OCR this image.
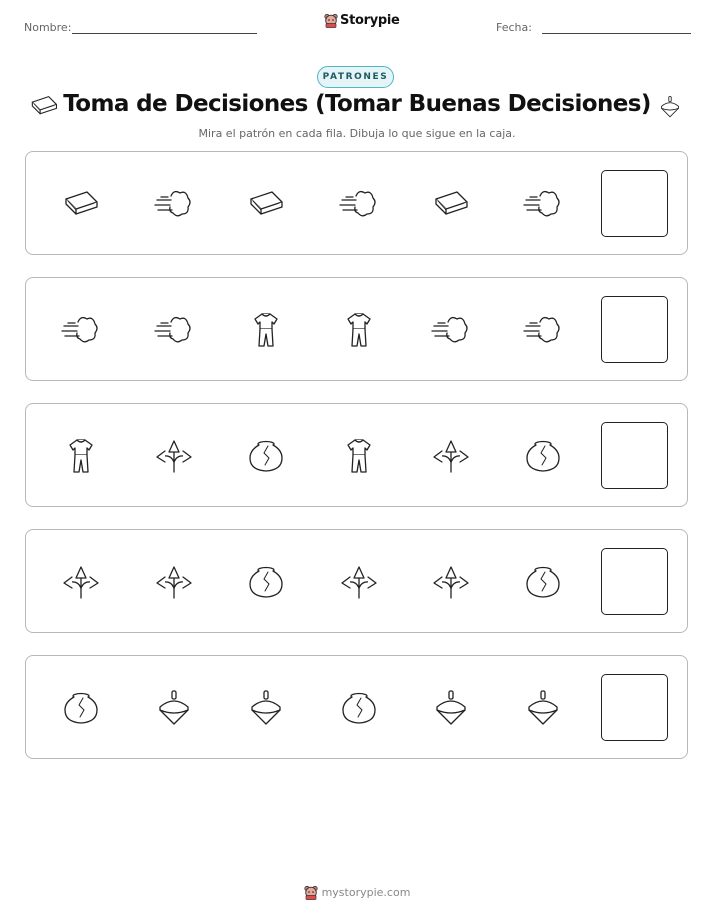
Nombre:	Storypie	Fecha:
PATRONES
Toma de Decisiones (Tomar Buenas Decisiones)
Mira el patrón en cada fila. Dibuja lo que sigue en la caja.
mystorypie.com
